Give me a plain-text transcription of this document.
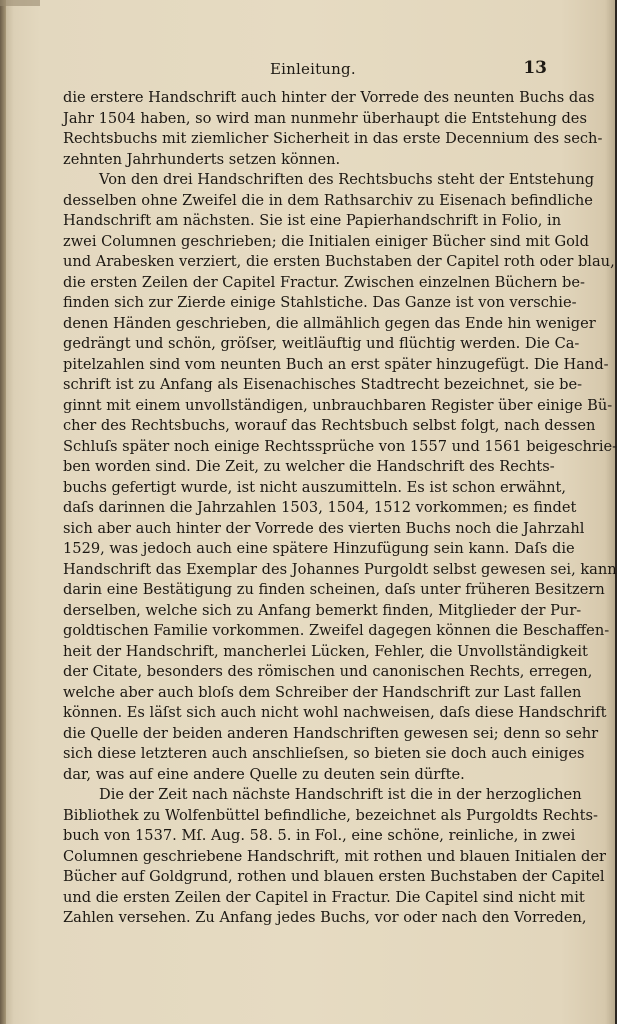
Einleitung.	13
die erstere Handschrift auch hinter der Vorrede des neunten Buchs das
Jahr 1504 haben, so wird man nunmehr überhaupt die Entstehung des
Rechtsbuchs mit ziemlicher Sicherheit in das erste Decennium des sech-
zehnten Jahrhunderts setzen können.
Von den drei Handschriften des Rechtsbuchs steht der Entstehung
desselben ohne Zweifel die in dem Rathsarchiv zu Eisenach befindliche
Handschrift am nächsten. Sie ist eine Papierhandschrift in Folio, in
zwei Columnen geschrieben; die Initialen einiger Bücher sind mit Gold
und Arabesken verziert, die ersten Buchstaben der Capitel roth oder blau,
die ersten Zeilen der Capitel Fractur. Zwischen einzelnen Büchern be-
finden sich zur Zierde einige Stahlstiche. Das Ganze ist von verschie-
denen Händen geschrieben, die allmählich gegen das Ende hin weniger
gedrängt und schön, gröſser, weitläuftig und flüchtig werden. Die Ca-
pitelzahlen sind vom neunten Buch an erst später hinzugefügt. Die Hand-
schrift ist zu Anfang als Eisenachisches Stadtrecht bezeichnet, sie be-
ginnt mit einem unvollständigen, unbrauchbaren Register über einige Bü-
cher des Rechtsbuchs, worauf das Rechtsbuch selbst folgt, nach dessen
Schluſs später noch einige Rechtssprüche von 1557 und 1561 beigeschrie-
ben worden sind. Die Zeit, zu welcher die Handschrift des Rechts-
buchs gefertigt wurde, ist nicht auszumitteln. Es ist schon erwähnt,
daſs darinnen die Jahrzahlen 1503, 1504, 1512 vorkommen; es findet
sich aber auch hinter der Vorrede des vierten Buchs noch die Jahrzahl
1529, was jedoch auch eine spätere Hinzufügung sein kann. Daſs die
Handschrift das Exemplar des Johannes Purgoldt selbst gewesen sei, kann
darin eine Bestätigung zu finden scheinen, daſs unter früheren Besitzern
derselben, welche sich zu Anfang bemerkt finden, Mitglieder der Pur-
goldtischen Familie vorkommen. Zweifel dagegen können die Beschaffen-
heit der Handschrift, mancherlei Lücken, Fehler, die Unvollständigkeit
der Citate, besonders des römischen und canonischen Rechts, erregen,
welche aber auch bloſs dem Schreiber der Handschrift zur Last fallen
können. Es läſst sich auch nicht wohl nachweisen, daſs diese Handschrift
die Quelle der beiden anderen Handschriften gewesen sei; denn so sehr
sich diese letzteren auch anschlieſsen, so bieten sie doch auch einiges
dar, was auf eine andere Quelle zu deuten sein dürfte.
Die der Zeit nach nächste Handschrift ist die in der herzoglichen
Bibliothek zu Wolfenbüttel befindliche, bezeichnet als Purgoldts Rechts-
buch von 1537. Mſ. Aug. 58. 5. in Fol., eine schöne, reinliche, in zwei
Columnen geschriebene Handschrift, mit rothen und blauen Initialen der
Bücher auf Goldgrund, rothen und blauen ersten Buchstaben der Capitel
und die ersten Zeilen der Capitel in Fractur. Die Capitel sind nicht mit
Zahlen versehen. Zu Anfang jedes Buchs, vor oder nach den Vorreden,
